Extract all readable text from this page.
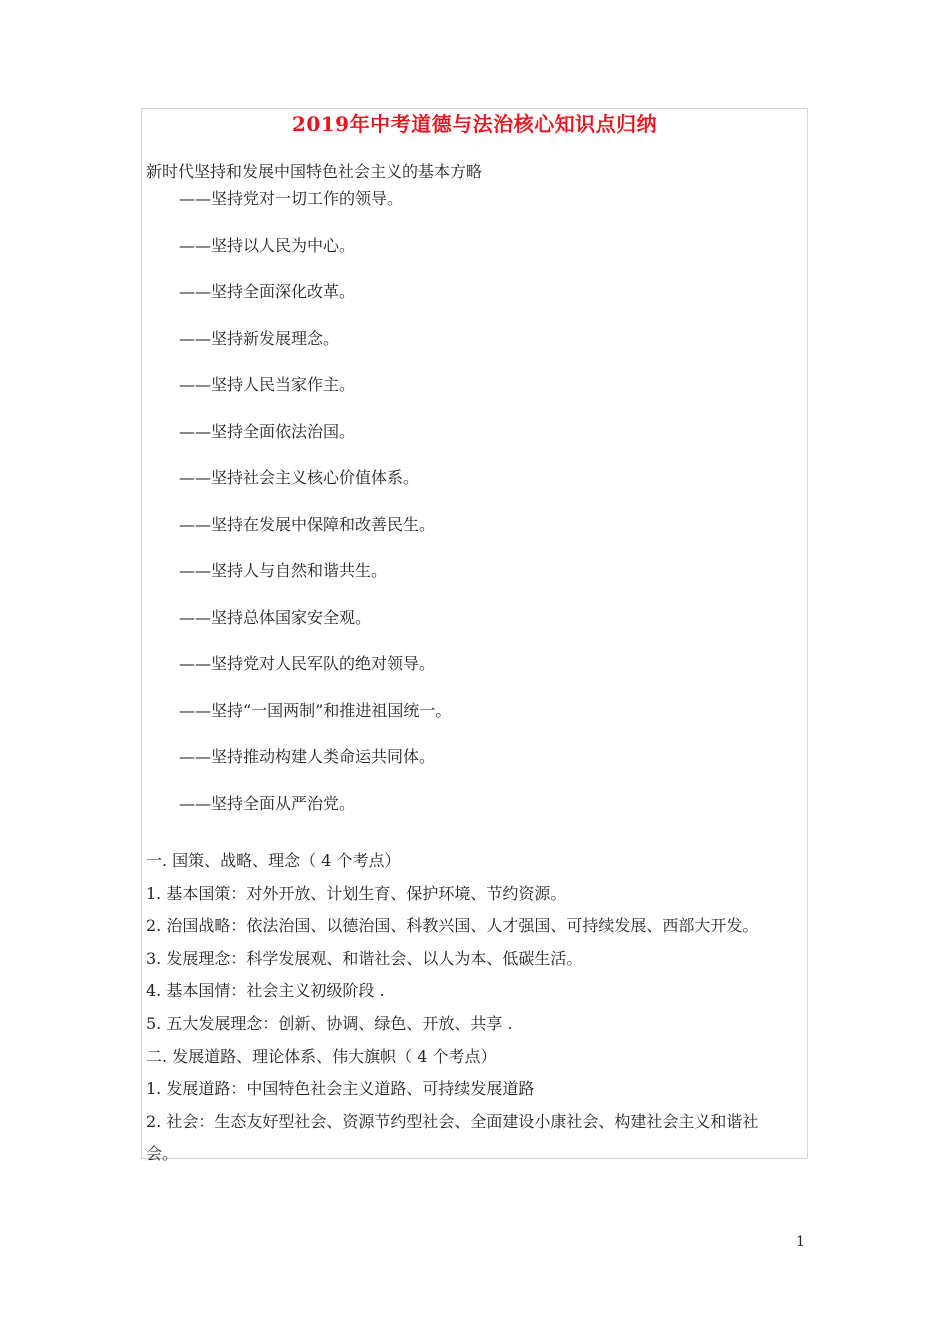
2019年中考道德与法治核心知识点归纳
新时代坚持和发展中国特色社会主义的基本方略
——坚持党对一切工作的领导。
——坚持以人民为中心。
——坚持全面深化改革。
——坚持新发展理念。
——坚持人民当家作主。
——坚持全面依法治国。
——坚持社会主义核心价值体系。
——坚持在发展中保障和改善民生。
——坚持人与自然和谐共生。
——坚持总体国家安全观。
——坚持党对人民军队的绝对领导。
——坚持“一国两制”和推进祖国统一。
——坚持推动构建人类命运共同体。
——坚持全面从严治党。
一. 国策、战略、理念（ 4 个考点）
1. 基本国策：对外开放、计划生育、保护环境、节约资源。
2. 治国战略：依法治国、以德治国、科教兴国、人才强国、可持续发展、西部大开发。
3. 发展理念：科学发展观、和谐社会、以人为本、低碳生活。
4. 基本国情：社会主义初级阶段 .
5. 五大发展理念：创新、协调、绿色、开放、共享 .
二. 发展道路、理论体系、伟大旗帜（ 4 个考点）
1. 发展道路：中国特色社会主义道路、可持续发展道路
2. 社会：生态友好型社会、资源节约型社会、全面建设小康社会、构建社会主义和谐社会。
1
